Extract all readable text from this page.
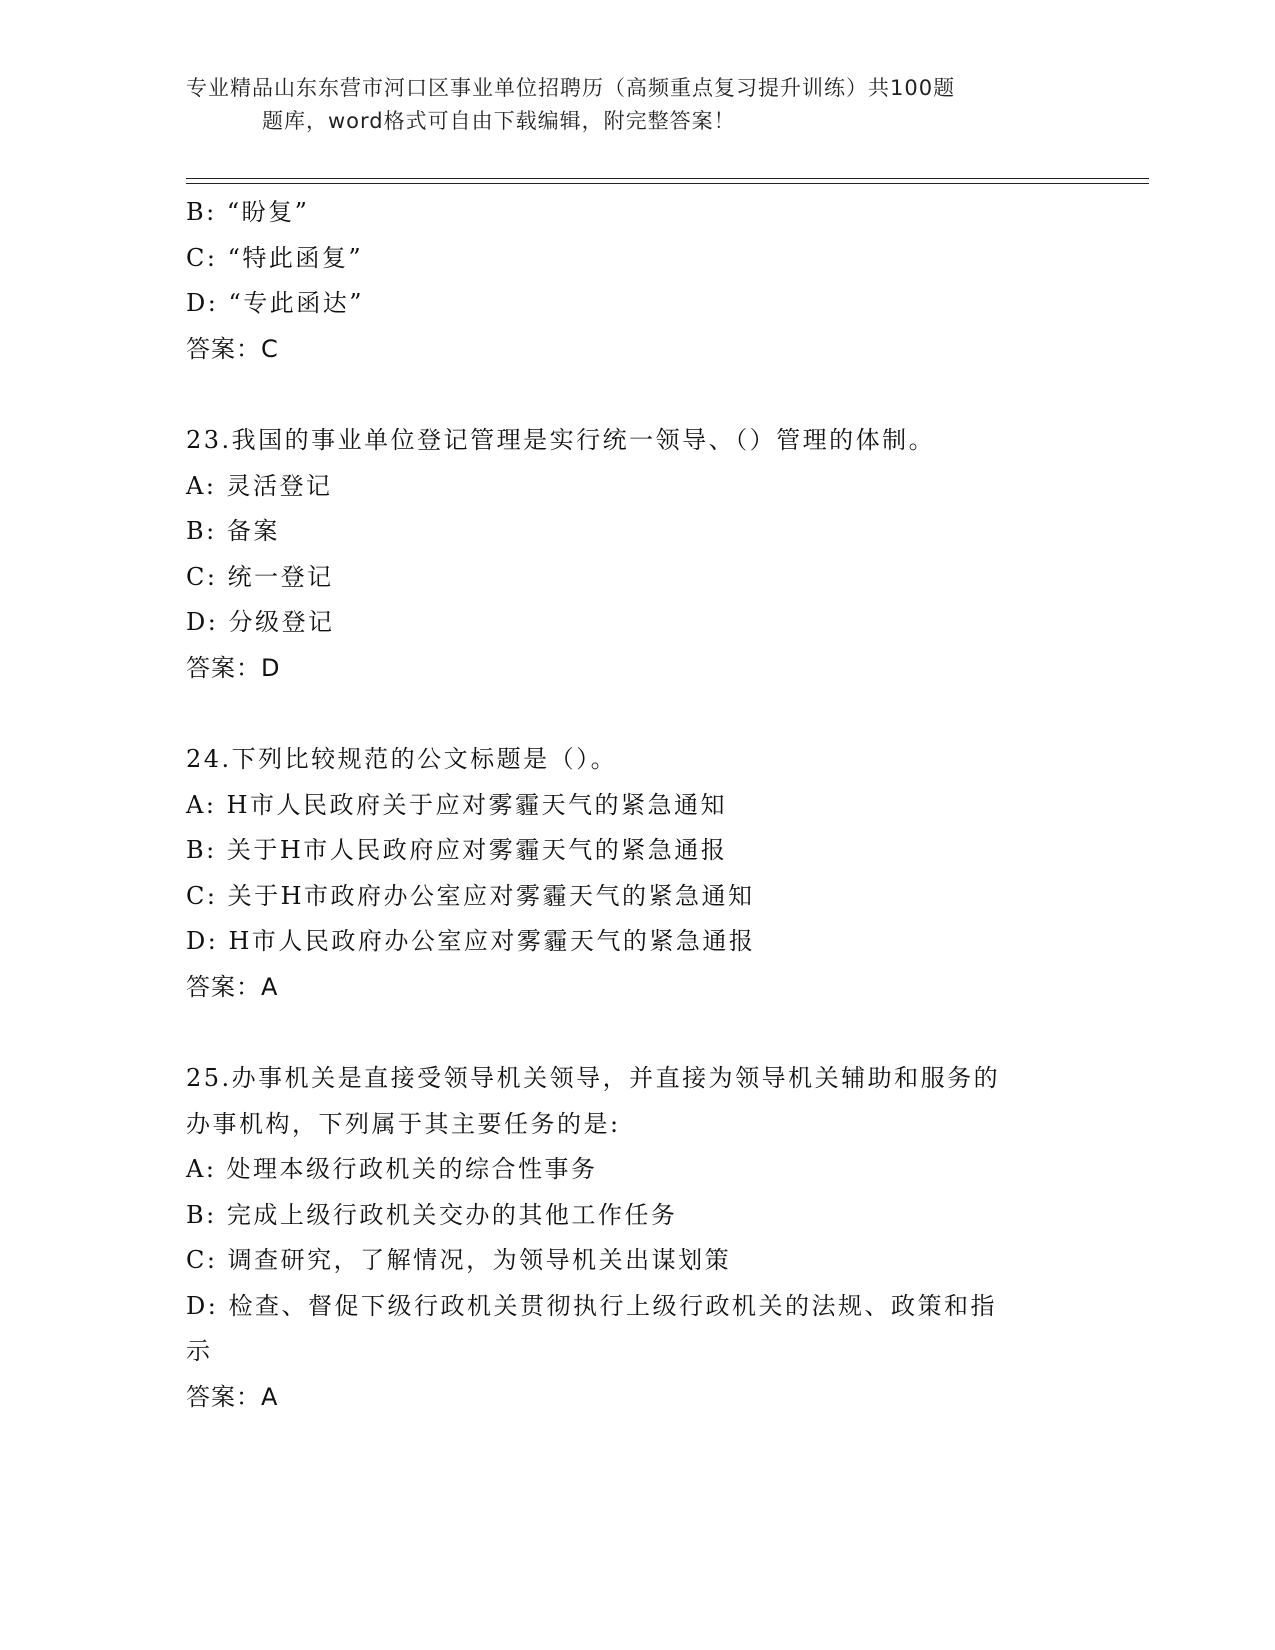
专业精品山东东营市河口区事业单位招聘历（高频重点复习提升训练）共100题
题库，word格式可自由下载编辑，附完整答案！
B: “盼复”
C: “特此函复”
D: “专此函达”
答案：C
23.我国的事业单位登记管理是实行统一领导、（）管理的体制。
A: 灵活登记
B: 备案
C: 统一登记
D: 分级登记
答案：D
24.下列比较规范的公文标题是（）。
A: H市人民政府关于应对雾霾天气的紧急通知
B: 关于H市人民政府应对雾霾天气的紧急通报
C: 关于H市政府办公室应对雾霾天气的紧急通知
D: H市人民政府办公室应对雾霾天气的紧急通报
答案：A
25.办事机关是直接受领导机关领导，并直接为领导机关辅助和服务的
办事机构，下列属于其主要任务的是:
A: 处理本级行政机关的综合性事务
B: 完成上级行政机关交办的其他工作任务
C: 调查研究，了解情况，为领导机关出谋划策
D: 检查、督促下级行政机关贯彻执行上级行政机关的法规、政策和指
示
答案：A
